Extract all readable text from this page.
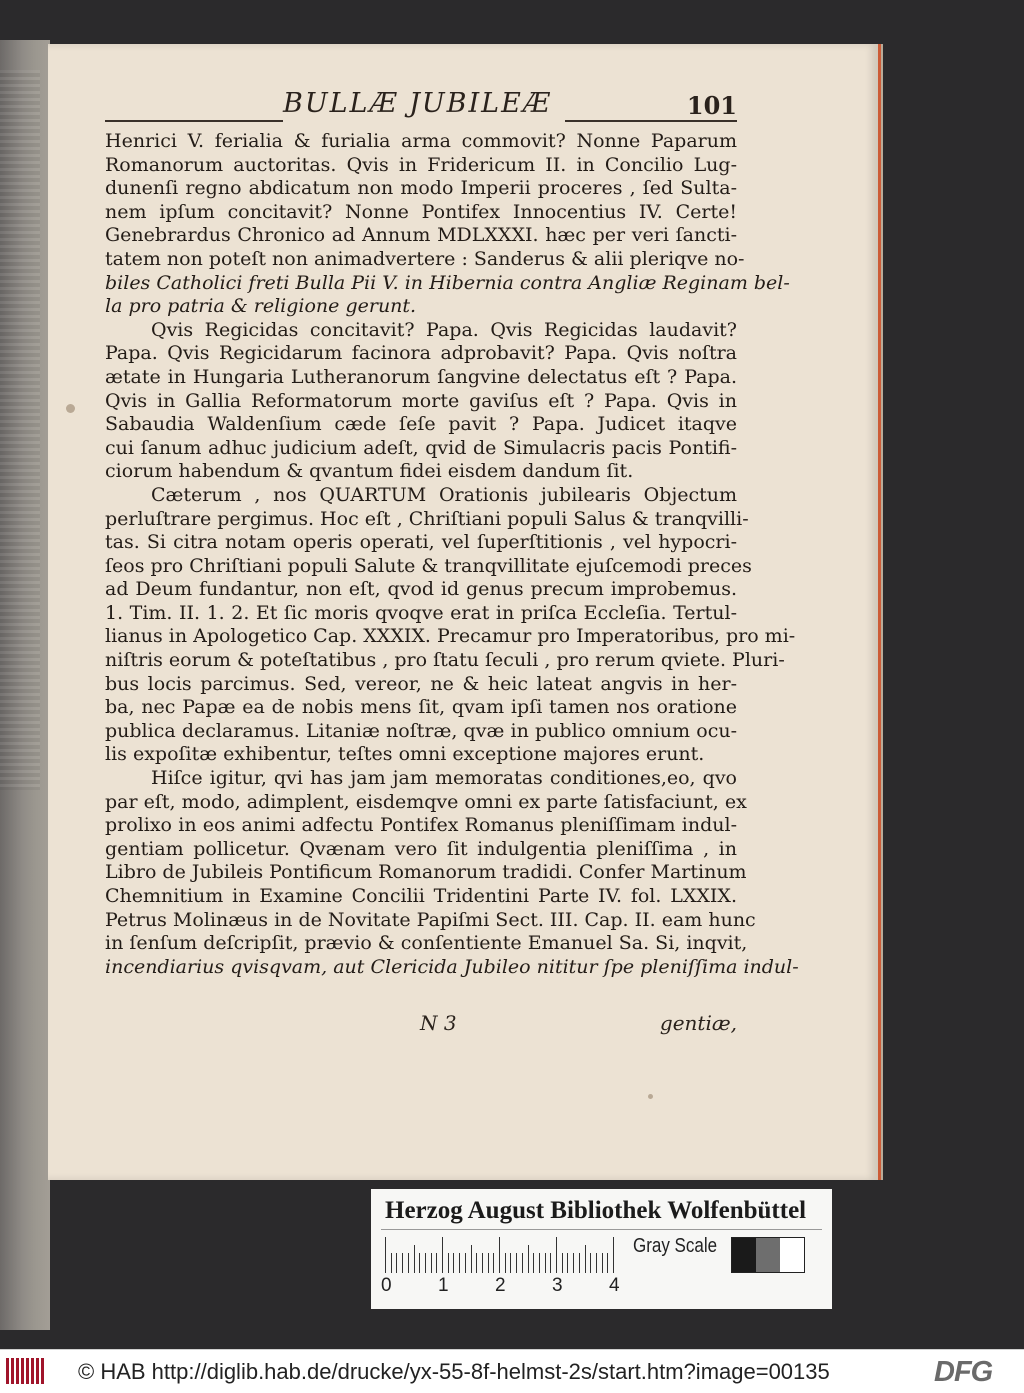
BULLÆ JUBILEÆ	101
Henrici V. ferialia & furialia arma commovit? Nonne Paparum
Romanorum auctoritas. Qvis in Fridericum II. in Concilio Lug-
dunenſi regno abdicatum non modo Imperii proceres , ſed Sulta-
nem ipſum concitavit? Nonne Pontifex Innocentius IV. Certe!
Genebrardus Chronico ad Annum MDLXXXI. hæc per veri ſancti-
tatem non poteſt non animadvertere : Sanderus & alii pleriqve no-
biles Catholici freti Bulla Pii V. in Hibernia contra Angliæ Reginam bel-
la pro patria & religione gerunt.
Qvis Regicidas concitavit? Papa. Qvis Regicidas laudavit?
Papa. Qvis Regicidarum facinora adprobavit? Papa. Qvis noſtra
ætate in Hungaria Lutheranorum ſangvine delectatus eſt ? Papa.
Qvis in Gallia Reformatorum morte gaviſus eſt ? Papa. Qvis in
Sabaudia Waldenſium cæde ſeſe pavit ? Papa. Judicet itaqve
cui ſanum adhuc judicium adeſt, qvid de Simulacris pacis Pontifi-
ciorum habendum & qvantum fidei eisdem dandum ſit.
Cæterum , nos QUARTUM Orationis jubilearis Objectum
perluſtrare pergimus. Hoc eſt , Chriſtiani populi Salus & tranqvilli-
tas. Si citra notam operis operati, vel ſuperſtitionis , vel hypocri-
ſeos pro Chriſtiani populi Salute & tranqvillitate ejuſcemodi preces
ad Deum fundantur, non eſt, qvod id genus precum improbemus.
1. Tim. II. 1. 2. Et ſic moris qvoqve erat in priſca Eccleſia. Tertul-
lianus in Apologetico Cap. XXXIX. Precamur pro Imperatoribus, pro mi-
niſtris eorum & poteſtatibus , pro ſtatu ſeculi , pro rerum qviete. Pluri-
bus locis parcimus. Sed, vereor, ne & heic lateat angvis in her-
ba, nec Papæ ea de nobis mens ſit, qvam ipſi tamen nos oratione
publica declaramus. Litaniæ noſtræ, qvæ in publico omnium ocu-
lis expoſitæ exhibentur, teſtes omni exceptione majores erunt.
Hiſce igitur, qvi has jam jam memoratas conditiones,eo, qvo
par eſt, modo, adimplent, eisdemqve omni ex parte ſatisfaciunt, ex
prolixo in eos animi adfectu Pontifex Romanus pleniſſimam indul-
gentiam pollicetur. Qvænam vero ſit indulgentia pleniſſima , in
Libro de Jubileis Pontificum Romanorum tradidi. Confer Martinum
Chemnitium in Examine Concilii Tridentini Parte IV. fol. LXXIX.
Petrus Molinæus in de Novitate Papiſmi Sect. III. Cap. II. eam hunc
in ſenſum deſcripſit, prævio & conſentiente Emanuel Sa. Si, inqvit,
incendiarius qvisqvam, aut Clericida Jubileo nititur ſpe pleniſſima indul-
N 3	gentiæ,
Herzog August Bibliothek Wolfenbüttel
0 1 2 3 4
Gray Scale
© HAB http://diglib.hab.de/drucke/yx-55-8f-helmst-2s/start.htm?image=00135	DFG
